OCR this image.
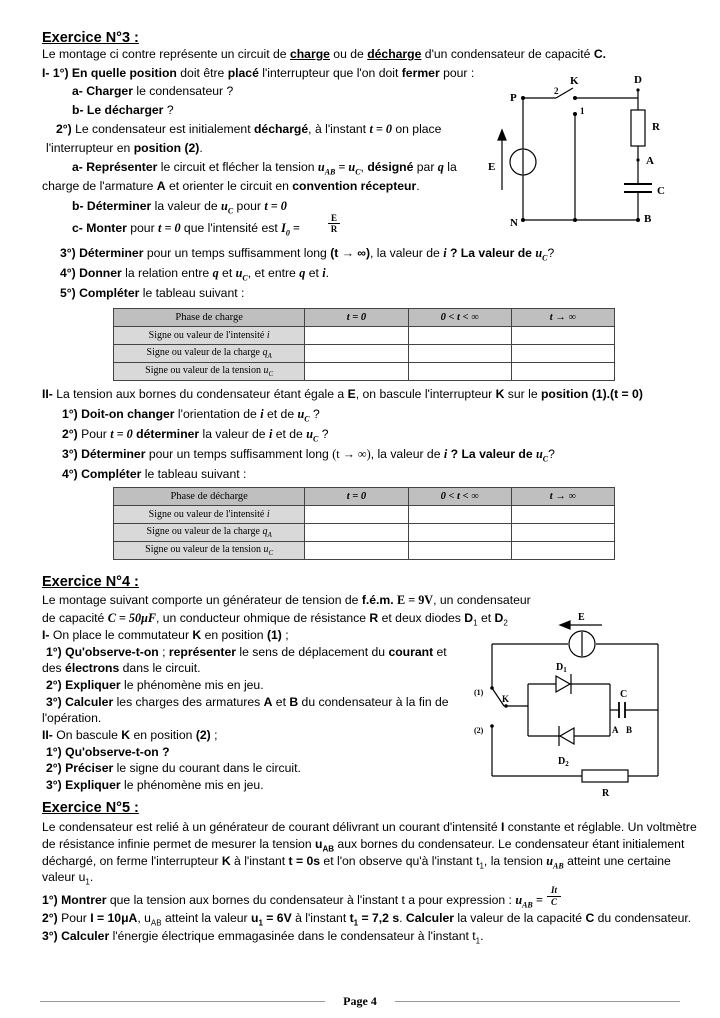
Exercice N°3 :
Le montage ci contre représente un circuit de charge ou de décharge d'un condensateur de capacité C.
I- 1°) En quelle position doit être placé l'interrupteur que l'on doit fermer pour :
a- Charger le condensateur ?
b- Le décharger ?
2°) Le condensateur est initialement déchargé, à l'instant t = 0 on place
l'interrupteur en position (2).
a- Représenter le circuit et flécher la tension $u_{AB} = u_C$, désigné par q la
charge de l'armature A et orienter le circuit en convention récepteur.
b- Déterminer la valeur de $u_C$ pour t = 0
c- Monter pour t = 0 que l'intensité est $I_0$ =
E
R
3°) Déterminer pour un temps suffisamment long (t → ∞), la valeur de i ? La valeur de $u_C$?
4°) Donner la relation entre q et $u_C$, et entre q et i.
5°) Compléter le tableau suivant :
Phase de charge	t = 0	0 < t < ∞	t → ∞
Signe ou valeur de l'intensité i			
Signe ou valeur de la charge $q_A$			
Signe ou valeur de la tension $u_C$			
II- La tension aux bornes du condensateur étant égale a E, on bascule l'interrupteur K sur le position (1).(t = 0)
1°) Doit-on changer l'orientation de i et de $u_C$ ?
2°) Pour t = 0 déterminer la valeur de i et de $u_C$ ?
3°) Déterminer pour un temps suffisamment long (t → ∞), la valeur de i ? La valeur de $u_C$?
4°) Compléter le tableau suivant :
Phase de décharge	t = 0	0 < t < ∞	t → ∞
Signe ou valeur de l'intensité i			
Signe ou valeur de la charge $q_A$			
Signe ou valeur de la tension $u_C$			
D
P
2
K
1
R
A
E
C
N	B
Exercice N°4 :
Le montage suivant comporte un générateur de tension de f.é.m. E = 9V, un condensateur
de capacité C = 50μF, un conducteur ohmique de résistance R et deux diodes $D_1$ et $D_2$
I- On place le commutateur K en position (1) ;
1°) Qu'observe-t-on ; représenter le sens de déplacement du courant et
des électrons dans le circuit.
2°) Expliquer le phénomène mis en jeu.
3°) Calculer les charges des armatures A et B du condensateur à la fin de
l'opération.
II- On bascule K en position (2) ;
1°) Qu'observe-t-on ?
2°) Préciser le signe du courant dans le circuit.
3°) Expliquer le phénomène mis en jeu.
E
$D_1$
C
(1)
K
(2)	A B
$D_2$
R
Exercice N°5 :
Le condensateur est relié à un générateur de courant délivrant un courant d'intensité I constante et réglable. Un voltmètre
de résistance infinie permet de mesurer la tension $u_{AB}$ aux bornes du condensateur. Le condensateur étant initialement
déchargé, on ferme l'interrupteur K à l'instant t = 0s et l'on observe qu'à l'instant $t_1$, la tension $u_{AB}$ atteint une certaine
valeur $u_1$.
1°) Montrer que la tension aux bornes du condensateur à l'instant t a pour expression : $u_{AB}$ =
It
C
2°) Pour I = 10μA, $u_{AB}$ atteint la valeur $u_1 = 6V$ à l'instant $t_1 = 7,2$ s. Calculer la valeur de la capacité C du condensateur.
3°) Calculer l'énergie électrique emmagasinée dans le condensateur à l'instant $t_1$.
Page 4
